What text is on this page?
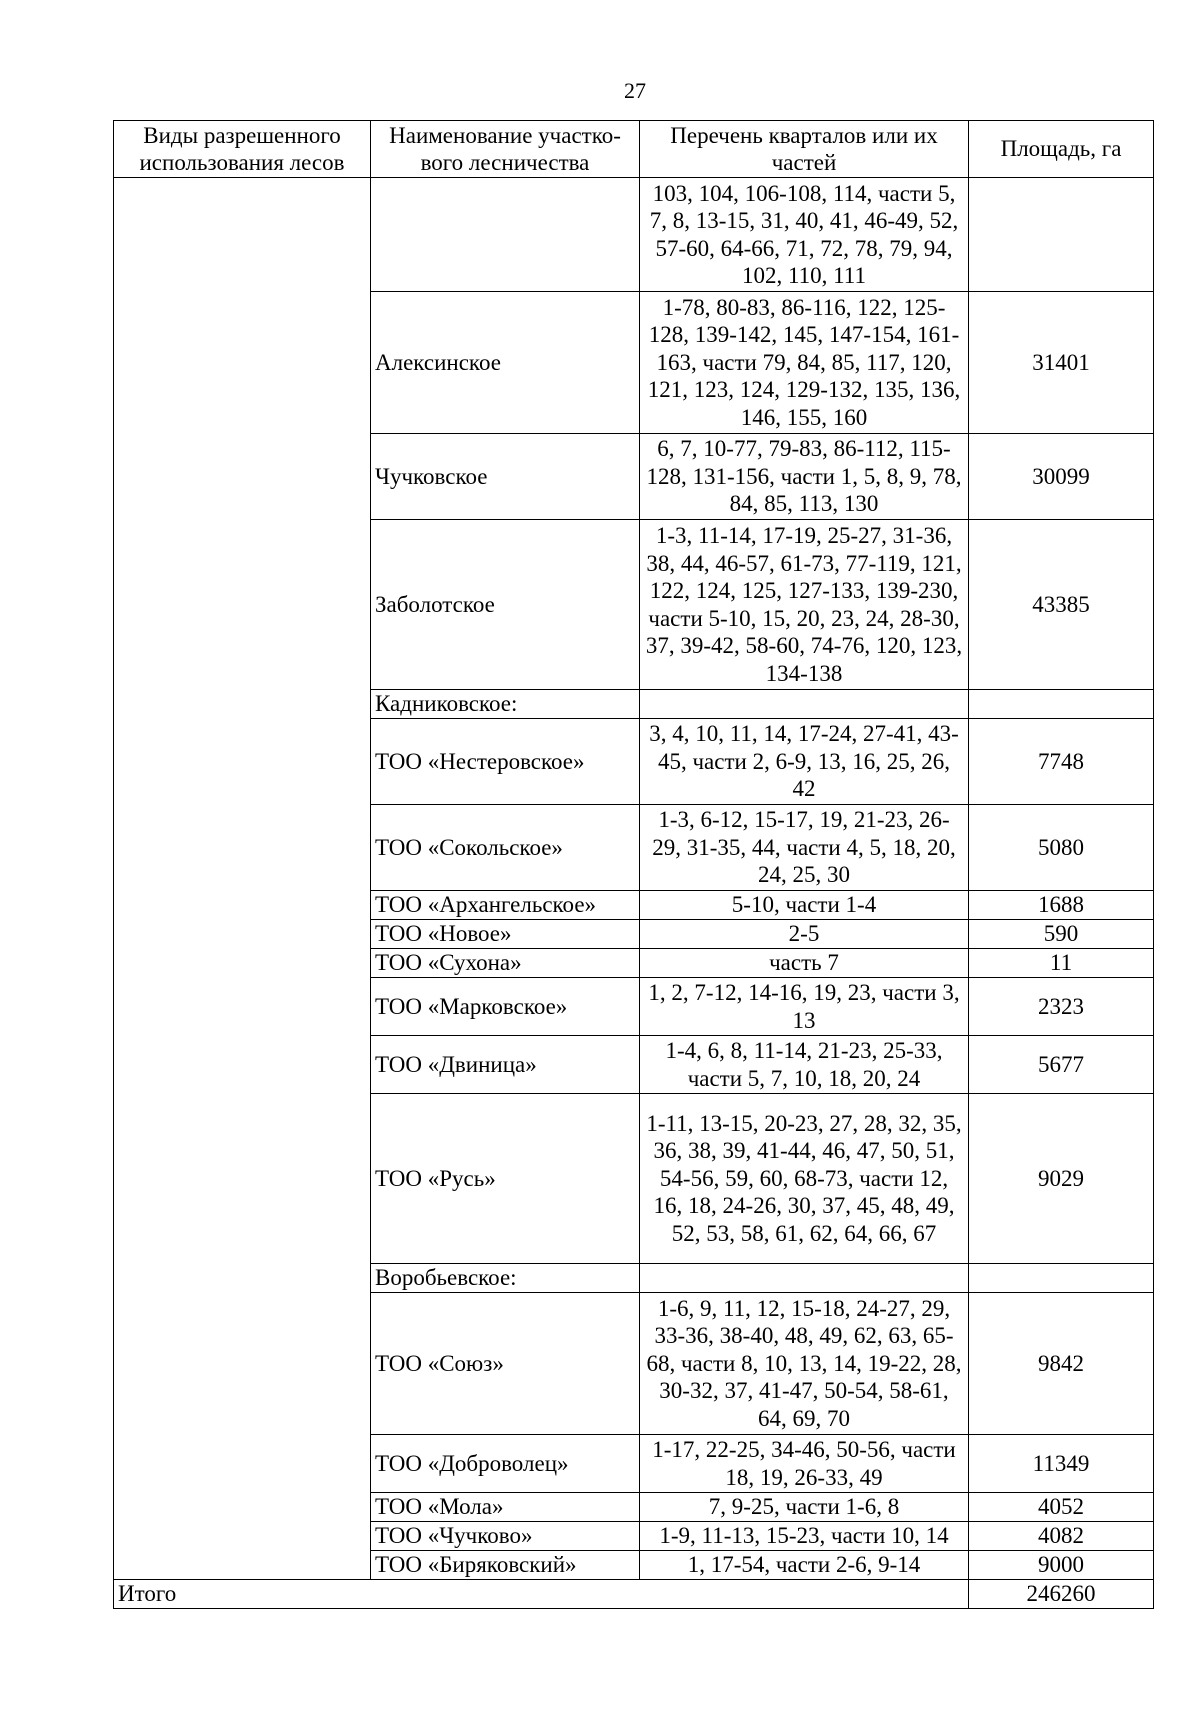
27
Виды разрешенного использования лесов	Наименование участко-вого лесничества	Перечень кварталов или их частей	Площадь, га
		103, 104, 106-108, 114, части 5, 7, 8, 13-15, 31, 40, 41, 46-49, 52, 57-60, 64-66, 71, 72, 78, 79, 94, 102, 110, 111	
	Алексинское	1-78, 80-83, 86-116, 122, 125-128, 139-142, 145, 147-154, 161-163, части 79, 84, 85, 117, 120, 121, 123, 124, 129-132, 135, 136, 146, 155, 160	31401
	Чучковское	6, 7, 10-77, 79-83, 86-112, 115-128, 131-156, части 1, 5, 8, 9, 78, 84, 85, 113, 130	30099
	Заболотское	1-3, 11-14, 17-19, 25-27, 31-36, 38, 44, 46-57, 61-73, 77-119, 121, 122, 124, 125, 127-133, 139-230, части 5-10, 15, 20, 23, 24, 28-30, 37, 39-42, 58-60, 74-76, 120, 123, 134-138	43385
	Кадниковское:		
	ТОО «Нестеровское»	3, 4, 10, 11, 14, 17-24, 27-41, 43-45, части 2, 6-9, 13, 16, 25, 26, 42	7748
	ТОО «Сокольское»	1-3, 6-12, 15-17, 19, 21-23, 26-29, 31-35, 44, части 4, 5, 18, 20, 24, 25, 30	5080
	ТОО «Архангельское»	5-10, части 1-4	1688
	ТОО «Новое»	2-5	590
	ТОО «Сухона»	часть 7	11
	ТОО «Марковское»	1, 2, 7-12, 14-16, 19, 23, части 3, 13	2323
	ТОО «Двиница»	1-4, 6, 8, 11-14, 21-23, 25-33, части 5, 7, 10, 18, 20, 24	5677
	ТОО «Русь»	1-11, 13-15, 20-23, 27, 28, 32, 35, 36, 38, 39, 41-44, 46, 47, 50, 51, 54-56, 59, 60, 68-73, части 12, 16, 18, 24-26, 30, 37, 45, 48, 49, 52, 53, 58, 61, 62, 64, 66, 67	9029
	Воробьевское:		
	ТОО «Союз»	1-6, 9, 11, 12, 15-18, 24-27, 29, 33-36, 38-40, 48, 49, 62, 63, 65-68, части 8, 10, 13, 14, 19-22, 28, 30-32, 37, 41-47, 50-54, 58-61, 64, 69, 70	9842
	ТОО «Доброволец»	1-17, 22-25, 34-46, 50-56, части 18, 19, 26-33, 49	11349
	ТОО «Мола»	7, 9-25, части 1-6, 8	4052
	ТОО «Чучково»	1-9, 11-13, 15-23, части 10, 14	4082
	ТОО «Биряковский»	1, 17-54, части 2-6, 9-14	9000
Итого			246260
